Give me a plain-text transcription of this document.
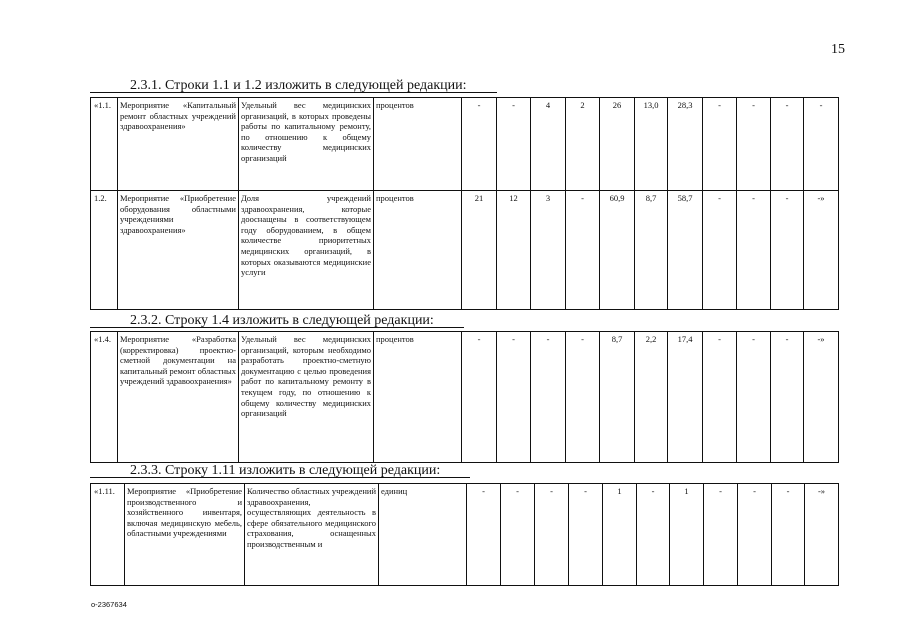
15
2.3.1. Строки 1.1 и 1.2 изложить в следующей редакции:
«1.1.	Мероприятие «Капитальный ремонт областных учреждений здравоохранения»	Удельный вес медицинских организаций, в которых проведены работы по капитальному ремонту, по отношению к общему количеству медицинских организаций	процентов	-	-	4	2	26	13,0	28,3	-	-	-	-
1.2.	Мероприятие «Приобретение оборудования областными учреждениями здравоохранения»	Доля учреждений здравоохранения, которые дооснащены в соответствующем году оборудованием, в общем количестве приоритетных медицинских организаций, в которых оказываются медицинские услуги	процентов	21	12	3	-	60,9	8,7	58,7	-	-	-	-»
2.3.2. Строку 1.4 изложить в следующей редакции:
«1.4.	Мероприятие «Разработка (корректировка) проектно-сметной документации на капитальный ремонт областных учреждений здравоохранения»	Удельный вес медицинских организаций, которым необходимо разработать проектно-сметную документацию с целью проведения работ по капитальному ремонту в текущем году, по отношению к общему количеству медицинских организаций	процентов	-	-	-	-	8,7	2,2	17,4	-	-	-	-»
2.3.3. Строку 1.11 изложить в следующей редакции:
«1.11.	Мероприятие «Приобретение производственного и хозяйственного инвентаря, включая медицинскую мебель, областными учреждениями	Количество областных учреждений здравоохранения, осуществляющих деятельность в сфере обязательного медицинского страхования, оснащенных производственным и	единиц	-	-	-	-	1	-	1	-	-	-	-»
о-2367634
